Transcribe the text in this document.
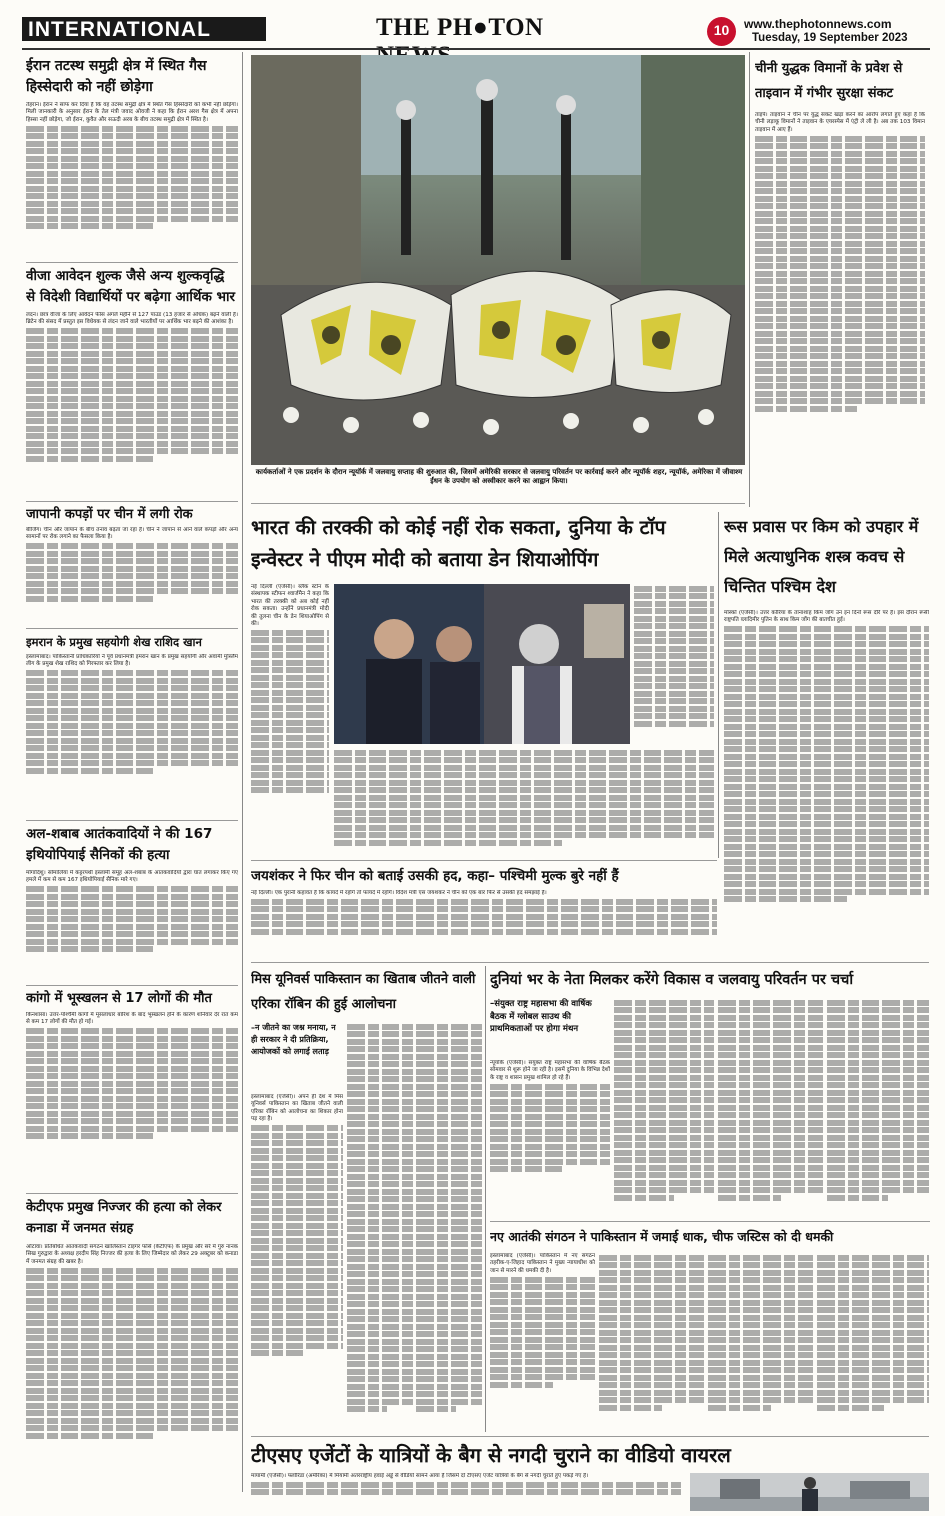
INTERNATIONAL	THE PH●TON	10	www.thephotonnews.com
Tuesday, 19 September 2023
ईरान तटस्थ समुद्री क्षेत्र में स्थित गैस हिस्सेदारी को नहीं छोड़ेगा
तेहरान। ईरान ने साफ कर दिया है कि वह तटस्थ समुद्री क्षेत्र में स्थित गैस हिस्सेदारी को कभी नहीं छोड़ेगा। मिली जानकारी के अनुसार ईरान के तेल मंत्री जवाद ओवजी ने कहा कि ईरान अरश गैस क्षेत्र में अपना हिस्सा नहीं छोड़ेगा, जो ईरान, कुवैत और सऊदी अरब के बीच तटस्थ समुद्री क्षेत्र में स्थित है।
वीजा आवेदन शुल्क जैसे अन्य शुल्कवृद्धि से विदेशी विद्यार्थियों पर बढ़ेगा आर्थिक भार
लंदन। छात्र वीजा के लिए आवेदन फीस अगले महीने से 127 पाउंड (13 हजार से अधिक) बढ़ने वाली है। ब्रिटेन की संसद में प्रस्तुत इस विधेयक से लंदन जाने वाले भारतीयों पर आर्थिक भार बढ़ने की आशंका है।
जापानी कपड़ों पर चीन में लगी रोक
बीजिंग। चीन और जापान के बीच तनाव बढ़ता जा रहा है। चीन ने जापान से आने वाले कपड़ों और अन्य सामानों पर रोक लगाने का फैसला किया है।
इमरान के प्रमुख सहयोगी शेख राशिद खान
इस्लामाबाद। पाकिस्तानी प्राधिकारियों ने पूर्व प्रधानमंत्री इमरान खान के प्रमुख सहयोगी और अवामी मुस्लिम लीग के प्रमुख शेख राशिद को गिरफ्तार कर लिया है।
अल-शबाब आतंकवादियों ने की 167 इथियोपियाई सैनिकों की हत्या
मोगादिशु। सोमालिया में कट्टरपंथी इस्लामी समूह अल-शबाब के आतंकवादियों द्वारा घात लगाकर किए गए हमले में कम से कम 167 इथियोपियाई सैनिक मारे गए।
कांगो में भूस्खलन से 17 लोगों की मौत
किनशासा। उत्तर-पश्चिमी कांगो में मूसलाधार बारिश के बाद भूस्खलन होने के कारण शनिवार देर रात कम से कम 17 लोगों की मौत हो गई।
केटीएफ प्रमुख निज्जर की हत्या को लेकर कनाडा में जनमत संग्रह
ओटावा। प्रतिबंधित आतंकवादी संगठन खालिस्तान टाइगर फोर्स (केटीएफ) के प्रमुख और सरे में गुरु नानक सिख गुरुद्वारा के अध्यक्ष हरदीप सिंह निज्जर की हत्या के लिए जिम्मेदार को लेकर 29 अक्टूबर को कनाडा में जनमत संग्रह की खबर है।
कार्यकर्ताओं ने एक प्रदर्शन के दौरान न्यूयॉर्क में जलवायु सप्ताह की शुरुआत की, जिसमें अमेरिकी सरकार से जलवायु परिवर्तन पर कार्रवाई करने और न्यूयॉर्क शहर, न्यूयॉर्क, अमेरिका में जीवाश्म ईंधन के उपयोग को अस्वीकार करने का आह्वान किया।
चीनी युद्धक विमानों के प्रवेश से ताइवान में गंभीर सुरक्षा संकट
ताइपे। ताइवान ने चीन पर युद्ध संकट खड़ा करने का आरोप लगाते हुए कहा है कि चीनी लड़ाकू विमानों ने ताइवान के एयरस्पेस में एंट्री ले ली है। अब तक 103 विमान ताइवान में आए हैं।
भारत की तरक्की को कोई नहीं रोक सकता, दुनिया के टॉप इन्वेस्टर ने पीएम मोदी को बताया डेन शियाओपिंग
नई दिल्ली (एजेंसी)। ब्लैक स्टोन के संस्थापक स्टीफन श्वार्जमैन ने कहा कि भारत की तरक्की को अब कोई नहीं रोक सकता। उन्होंने प्रधानमंत्री मोदी की तुलना चीन के डेन शियाओपिंग से की।
रूस प्रवास पर किम को उपहार में मिले अत्याधुनिक शस्त्र कवच से चिन्तित पश्चिम देश
मॉस्को (एजेंसी)। उत्तर कोरिया के तानाशाह किम जोंग उन इन दिनों रूस दौरे पर हैं। इस दौरान रूसी राष्ट्रपति व्लादिमीर पुतिन के साथ किम जोंग की बातचीत हुई।
जयशंकर ने फिर चीन को बताई उसकी हद, कहा– पश्चिमी मुल्क बुरे नहीं हैं
नई दिल्ली। एक पुरानी कहावत है कि कायदे में रहोगे तो फायदे में रहोगे। विदेश मंत्री एस जयशंकर ने चीन को एक बार फिर से उसकी हद समझाई है।
मिस यूनिवर्स पाकिस्तान का खिताब जीतने वाली एरिका रॉबिन की हुई आलोचना
–न जीतने का जश्न मनाया, न ही सरकार ने दी प्रतिक्रिया, आयोजकों को लगाई लताड़
इस्लामाबाद (एजेंसी)। अपने ही देश में मिस यूनिवर्स पाकिस्तान का खिताब जीतने वाली एरिका रॉबिन को आलोचना का शिकार होना पड़ रहा है।
दुनियां भर के नेता मिलकर करेंगे विकास व जलवायु परिवर्तन पर चर्चा
–संयुक्त राष्ट्र महासभा की वार्षिक बैठक में ग्लोबल साउथ की प्राथमिकताओं पर होगा मंथन
न्यूयॉर्क (एजेंसी)। संयुक्त राष्ट्र महासभा की वार्षिक बैठक सोमवार से शुरू होने जा रही है। इसमें दुनिया के विभिन्न देशों के राष्ट्र व शासन प्रमुख शामिल हो रहे हैं।
नए आतंकी संगठन ने पाकिस्तान में जमाई धाक, चीफ जस्टिस को दी धमकी
इस्लामाबाद (एजेंसी)। पाकिस्तान में नए संगठन तहरीक-ए-जिहाद पाकिस्तान ने मुख्य न्यायाधीश को जान से मारने की धमकी दी है।
टीएसए एजेंटों के यात्रियों के बैग से नगदी चुराने का वीडियो वायरल
मायामी (एजेंसी)। फ्लोरिडा (अमेरिका) में मियामी अंतरराष्ट्रीय हवाई अड्डे से वीडियो सामने आया है जिसमें दो टीएसए एजेंट यात्रियों के बैग से नगदी चुराते हुए पकड़े गए हैं।
